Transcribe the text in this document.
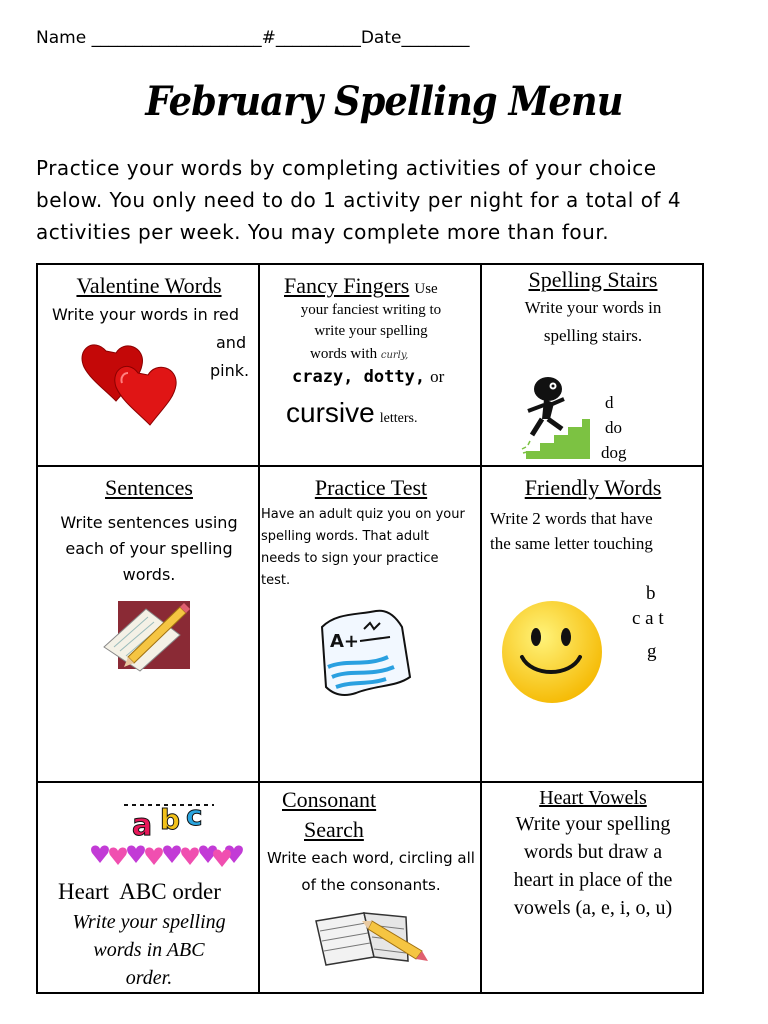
Name ____________________#__________Date________
February Spelling Menu
Practice your words by completing activities of your choice below. You only need to do 1 activity per night for a total of 4 activities per week. You may complete more than four.
Valentine Words
Write your words in red
and
pink.
Fancy Fingers Use
your fanciest writing to
write your spelling
words with curly,
crazy, dotty, or
cursive letters.
Spelling Stairs
Write your words in
spelling stairs.
d
do
dog
Sentences
Write sentences using
each of your spelling
words.
Practice Test
Have an adult quiz you on your
spelling words. That adult
needs to sign your practice
test.
A+
Friendly Words
Write 2 words that have
the same letter touching
b
c a t
g
a b c
Heart  ABC order
Write your spelling
words in ABC
order.
Consonant
Search
Write each word, circling all
of the consonants.
Heart Vowels
Write your spelling
words but draw a
heart in place of the
vowels (a, e, i, o, u)
